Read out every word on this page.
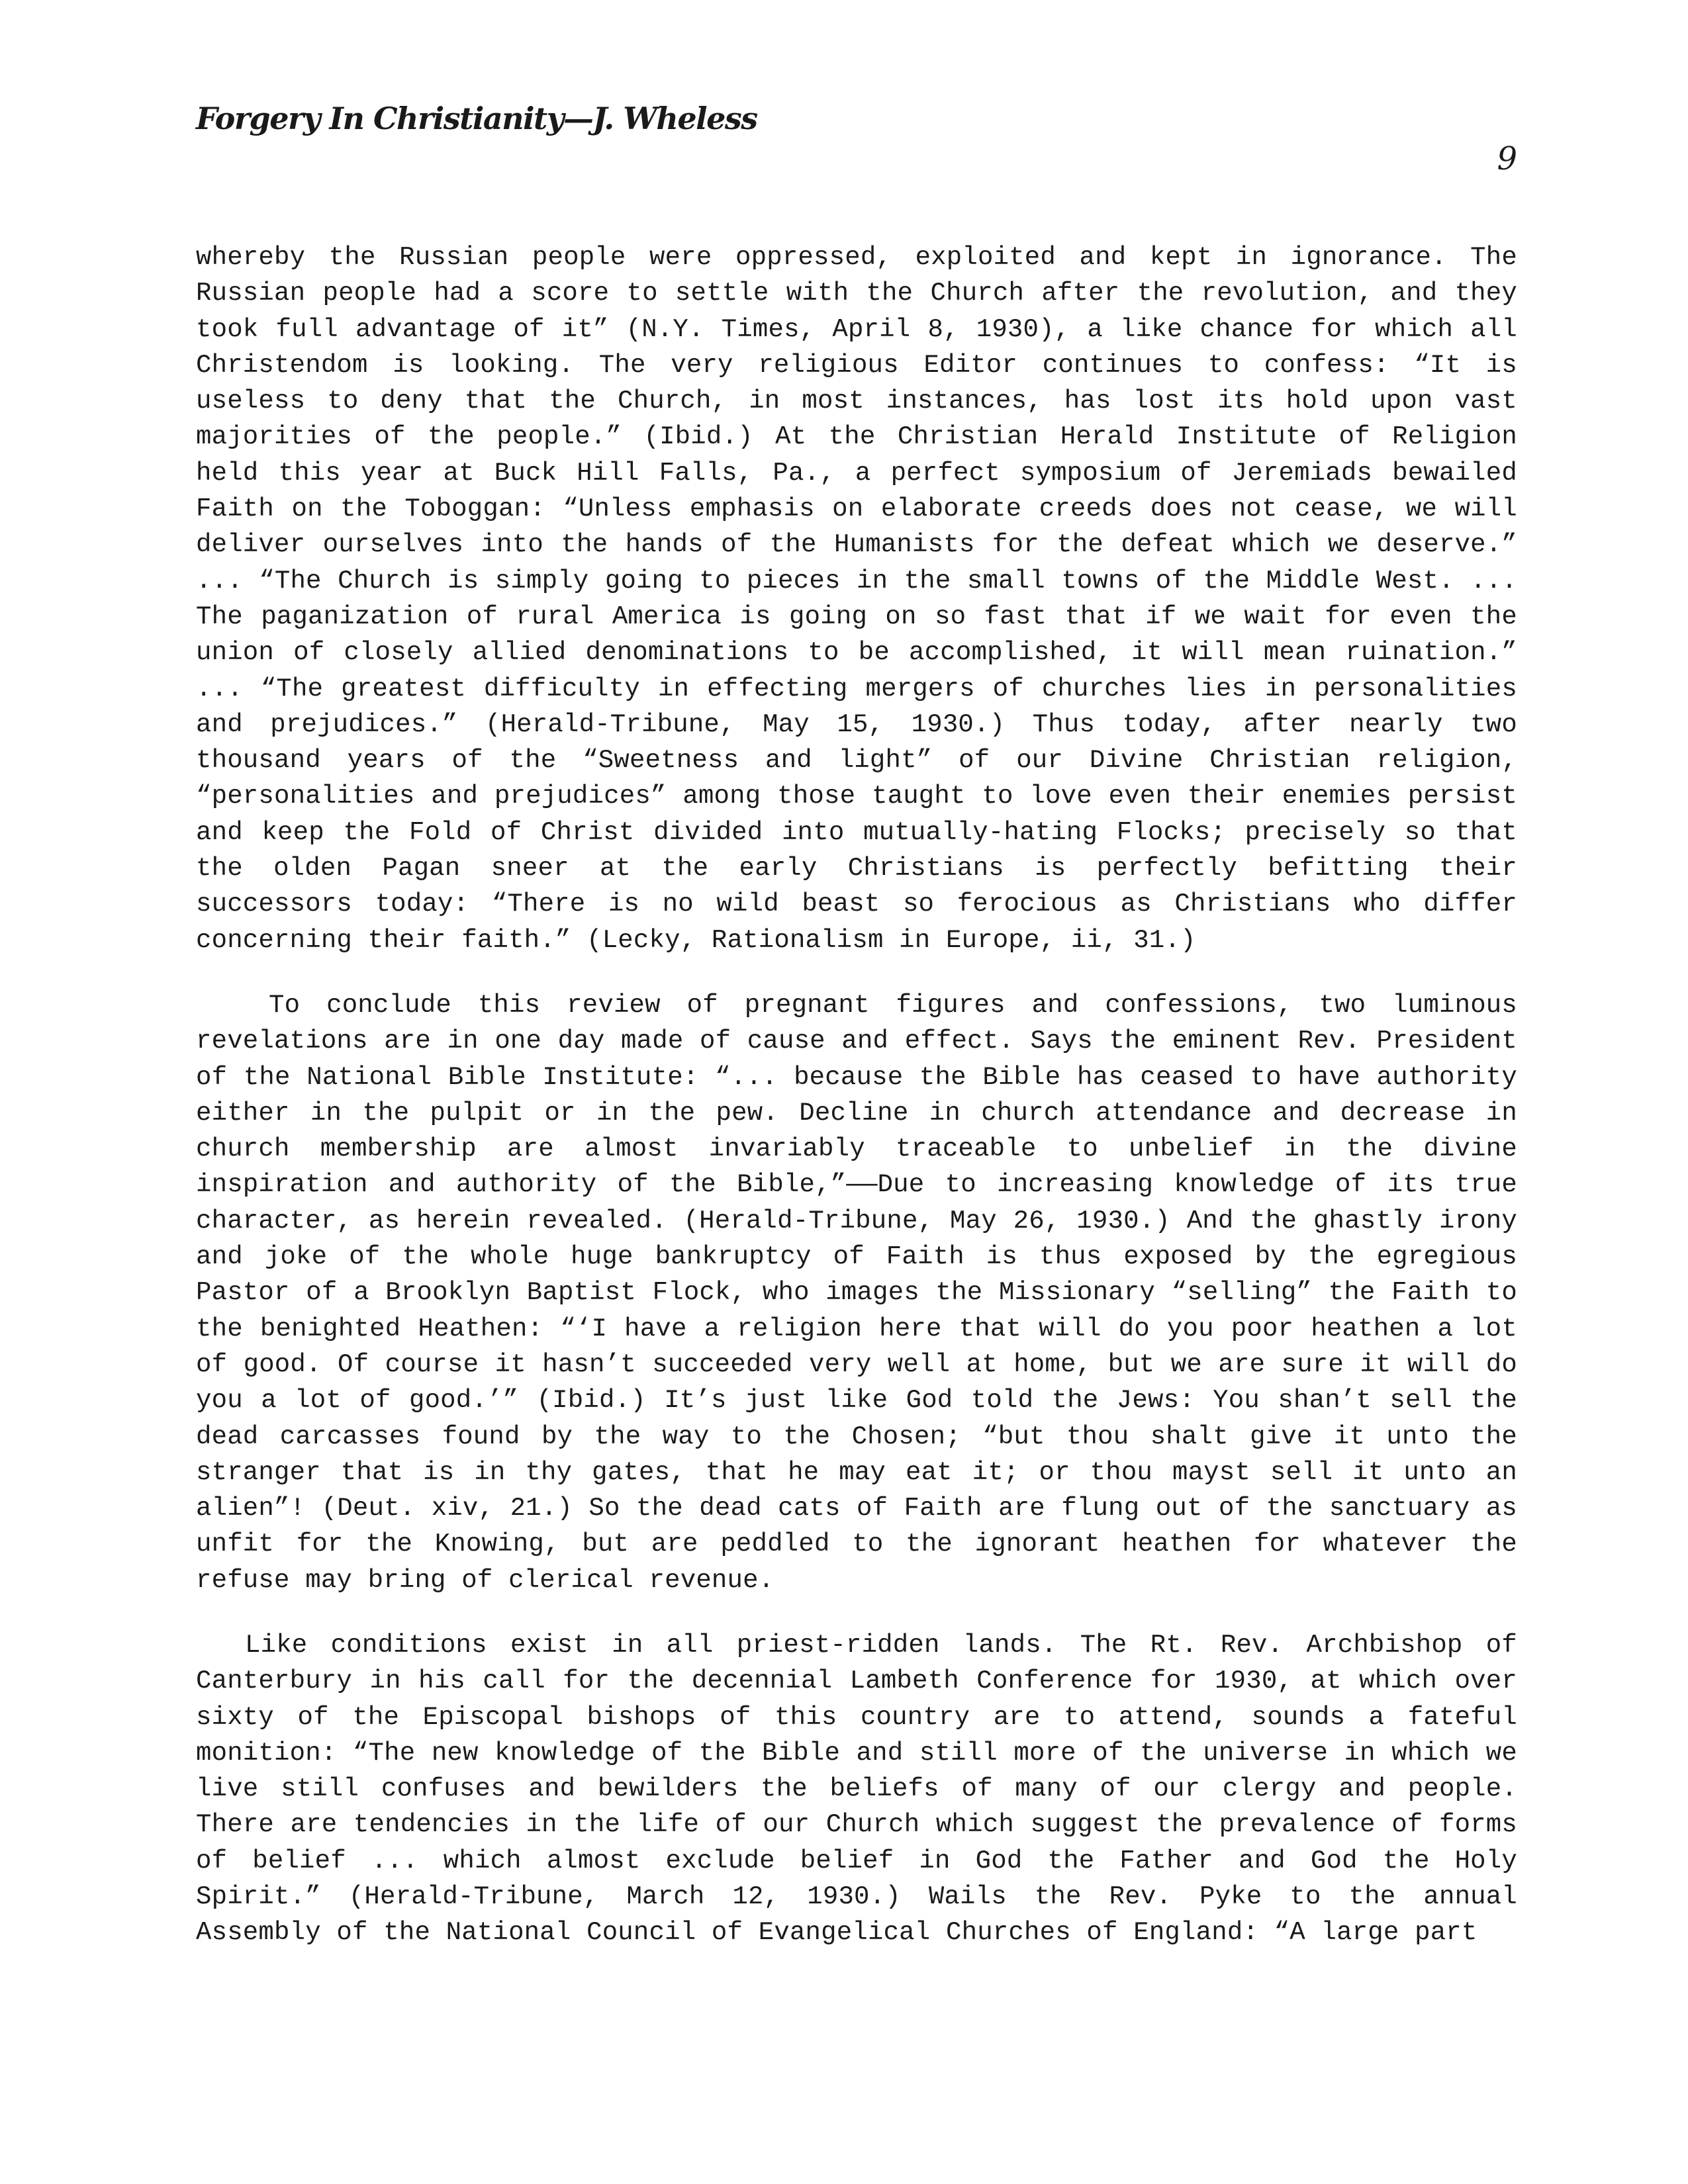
Forgery In Christianity—J. Wheless
9

whereby the Russian people were oppressed, exploited and kept in ignorance. The Russian people had a score to settle with the Church after the revolution, and they took full advantage of it” (N.Y. Times, April 8, 1930), a like chance for which all Christendom is looking. The very religious Editor continues to confess: “It is useless to deny that the Church, in most instances, has lost its hold upon vast majorities of the people.” (Ibid.) At the Christian Herald Institute of Religion held this year at Buck Hill Falls, Pa., a perfect symposium of Jeremiads bewailed Faith on the Toboggan: “Unless emphasis on elaborate creeds does not cease, we will deliver ourselves into the hands of the Humanists for the defeat which we deserve.” ... “The Church is simply going to pieces in the small towns of the Middle West. ... The paganization of rural America is going on so fast that if we wait for even the union of closely allied denominations to be accomplished, it will mean ruination.” ... “The greatest difficulty in effecting mergers of churches lies in personalities and prejudices.” (Herald-Tribune, May 15, 1930.) Thus today, after nearly two thousand years of the “Sweetness and light” of our Divine Christian religion, “personalities and prejudices” among those taught to love even their enemies persist and keep the Fold of Christ divided into mutually-hating Flocks; precisely so that the olden Pagan sneer at the early Christians is perfectly befitting their successors today: “There is no wild beast so ferocious as Christians who differ concerning their faith.” (Lecky, Rationalism in Europe, ii, 31.)

To conclude this review of pregnant figures and confessions, two luminous revelations are in one day made of cause and effect. Says the eminent Rev. President of the National Bible Institute: “... because the Bible has ceased to have authority either in the pulpit or in the pew. Decline in church attendance and decrease in church membership are almost invariably traceable to unbelief in the divine inspiration and authority of the Bible,”——Due to increasing knowledge of its true character, as herein revealed. (Herald-Tribune, May 26, 1930.) And the ghastly irony and joke of the whole huge bankruptcy of Faith is thus exposed by the egregious Pastor of a Brooklyn Baptist Flock, who images the Missionary “selling” the Faith to the benighted Heathen: “‘I have a religion here that will do you poor heathen a lot of good. Of course it hasn’t succeeded very well at home, but we are sure it will do you a lot of good.’” (Ibid.) It’s just like God told the Jews: You shan’t sell the dead carcasses found by the way to the Chosen; “but thou shalt give it unto the stranger that is in thy gates, that he may eat it; or thou mayst sell it unto an alien”! (Deut. xiv, 21.) So the dead cats of Faith are flung out of the sanctuary as unfit for the Knowing, but are peddled to the ignorant heathen for whatever the refuse may bring of clerical revenue.

Like conditions exist in all priest-ridden lands. The Rt. Rev. Archbishop of Canterbury in his call for the decennial Lambeth Conference for 1930, at which over sixty of the Episcopal bishops of this country are to attend, sounds a fateful monition: “The new knowledge of the Bible and still more of the universe in which we live still confuses and bewilders the beliefs of many of our clergy and people. There are tendencies in the life of our Church which suggest the prevalence of forms of belief ... which almost exclude belief in God the Father and God the Holy Spirit.” (Herald-Tribune, March 12, 1930.) Wails the Rev. Pyke to the annual Assembly of the National Council of Evangelical Churches of England: “A large part
